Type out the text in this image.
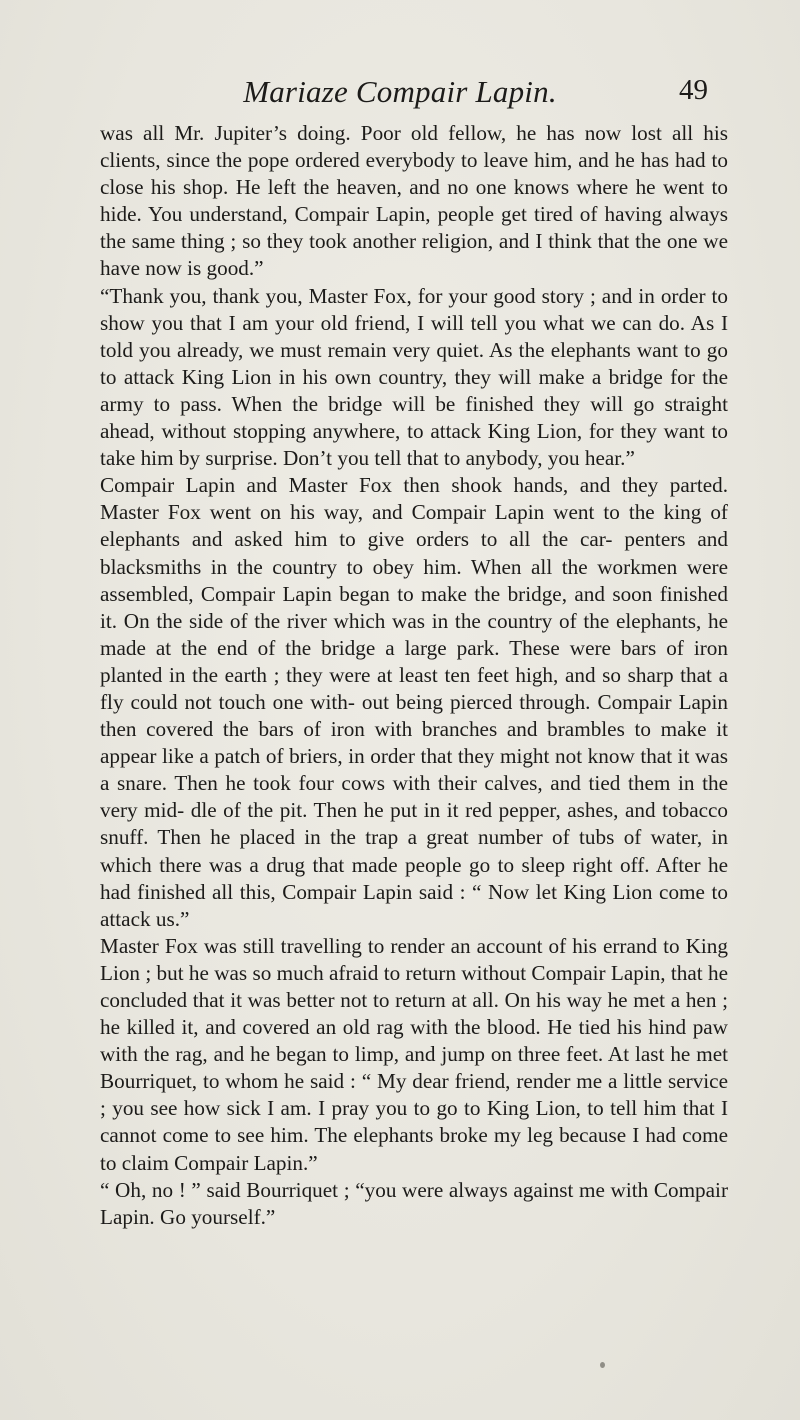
Mariaze Compair Lapin.	49

was all Mr. Jupiter’s doing. Poor old fellow, he has now lost all his clients, since the pope ordered everybody to leave him, and he has had to close his shop. He left the heaven, and no one knows where he went to hide. You understand, Compair Lapin, people get tired of having always the same thing ; so they took another religion, and I think that the one we have now is good.”

“Thank you, thank you, Master Fox, for your good story ; and in order to show you that I am your old friend, I will tell you what we can do. As I told you already, we must remain very quiet. As the elephants want to go to attack King Lion in his own country, they will make a bridge for the army to pass. When the bridge will be finished they will go straight ahead, without stopping anywhere, to attack King Lion, for they want to take him by surprise. Don’t you tell that to anybody, you hear.”

Compair Lapin and Master Fox then shook hands, and they parted. Master Fox went on his way, and Compair Lapin went to the king of elephants and asked him to give orders to all the car- penters and blacksmiths in the country to obey him. When all the workmen were assembled, Compair Lapin began to make the bridge, and soon finished it. On the side of the river which was in the country of the elephants, he made at the end of the bridge a large park. These were bars of iron planted in the earth ; they were at least ten feet high, and so sharp that a fly could not touch one with- out being pierced through. Compair Lapin then covered the bars of iron with branches and brambles to make it appear like a patch of briers, in order that they might not know that it was a snare. Then he took four cows with their calves, and tied them in the very mid- dle of the pit. Then he put in it red pepper, ashes, and tobacco snuff. Then he placed in the trap a great number of tubs of water, in which there was a drug that made people go to sleep right off. After he had finished all this, Compair Lapin said : “ Now let King Lion come to attack us.”

Master Fox was still travelling to render an account of his errand to King Lion ; but he was so much afraid to return without Compair Lapin, that he concluded that it was better not to return at all. On his way he met a hen ; he killed it, and covered an old rag with the blood. He tied his hind paw with the rag, and he began to limp, and jump on three feet. At last he met Bourriquet, to whom he said : “ My dear friend, render me a little service ; you see how sick I am. I pray you to go to King Lion, to tell him that I cannot come to see him. The elephants broke my leg because I had come to claim Compair Lapin.”

“ Oh, no ! ” said Bourriquet ; “you were always against me with Compair Lapin. Go yourself.”
